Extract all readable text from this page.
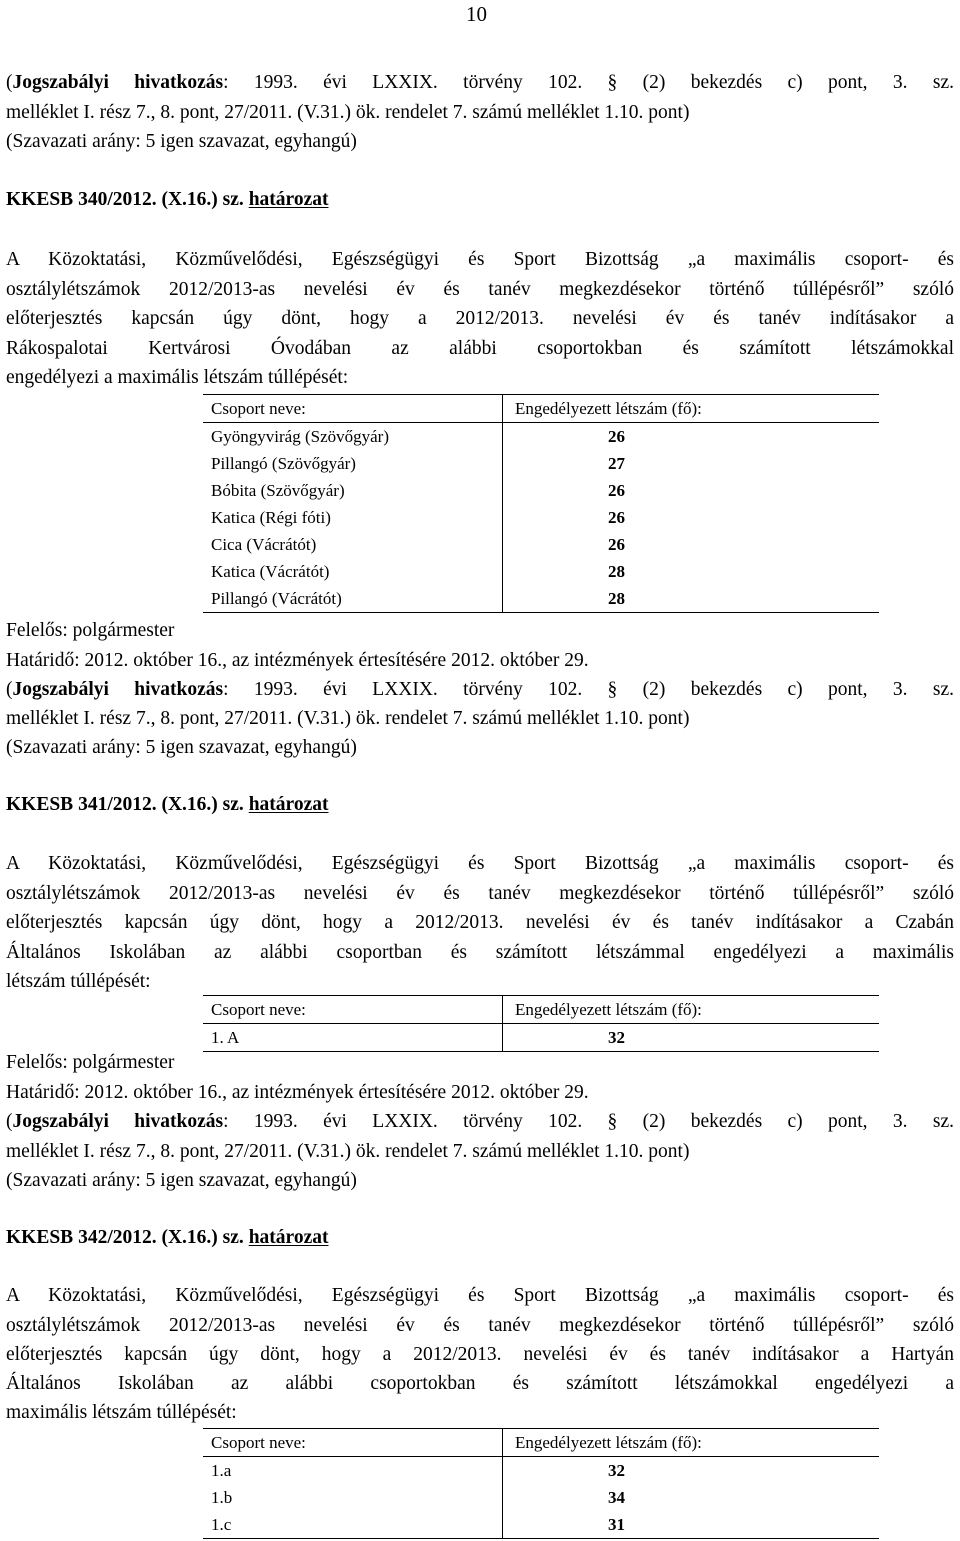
10
(Jogszabályi hivatkozás: 1993. évi LXXIX. törvény 102. § (2) bekezdés c) pont, 3. sz.
melléklet I. rész 7., 8. pont, 27/2011. (V.31.) ök. rendelet 7. számú melléklet 1.10. pont)
(Szavazati arány: 5 igen szavazat, egyhangú)
KKESB 340/2012. (X.16.) sz. határozat
A Közoktatási, Közművelődési, Egészségügyi és Sport Bizottság „a maximális csoport- és
osztálylétszámok 2012/2013-as nevelési év és tanév megkezdésekor történő túllépésről” szóló
előterjesztés kapcsán úgy dönt, hogy a 2012/2013. nevelési év és tanév indításakor a
Rákospalotai Kertvárosi Óvodában az alábbi csoportokban és számított létszámokkal
engedélyezi a maximális létszám túllépését:
Csoport neve:	Engedélyezett létszám (fő):
Gyöngyvirág (Szövőgyár)	26
Pillangó (Szövőgyár)	27
Bóbita (Szövőgyár)	26
Katica (Régi fóti)	26
Cica (Vácrátót)	26
Katica (Vácrátót)	28
Pillangó (Vácrátót)	28
Felelős: polgármester
Határidő: 2012. október 16., az intézmények értesítésére 2012. október 29.
(Jogszabályi hivatkozás: 1993. évi LXXIX. törvény 102. § (2) bekezdés c) pont, 3. sz.
melléklet I. rész 7., 8. pont, 27/2011. (V.31.) ök. rendelet 7. számú melléklet 1.10. pont)
(Szavazati arány: 5 igen szavazat, egyhangú)
KKESB 341/2012. (X.16.) sz. határozat
A Közoktatási, Közművelődési, Egészségügyi és Sport Bizottság „a maximális csoport- és
osztálylétszámok 2012/2013-as nevelési év és tanév megkezdésekor történő túllépésről” szóló
előterjesztés kapcsán úgy dönt, hogy a 2012/2013. nevelési év és tanév indításakor a Czabán
Általános Iskolában az alábbi csoportban és számított létszámmal engedélyezi a maximális
létszám túllépését:
Csoport neve:	Engedélyezett létszám (fő):
1. A	32
Felelős: polgármester
Határidő: 2012. október 16., az intézmények értesítésére 2012. október 29.
(Jogszabályi hivatkozás: 1993. évi LXXIX. törvény 102. § (2) bekezdés c) pont, 3. sz.
melléklet I. rész 7., 8. pont, 27/2011. (V.31.) ök. rendelet 7. számú melléklet 1.10. pont)
(Szavazati arány: 5 igen szavazat, egyhangú)
KKESB 342/2012. (X.16.) sz. határozat
A Közoktatási, Közművelődési, Egészségügyi és Sport Bizottság „a maximális csoport- és
osztálylétszámok 2012/2013-as nevelési év és tanév megkezdésekor történő túllépésről” szóló
előterjesztés kapcsán úgy dönt, hogy a 2012/2013. nevelési év és tanév indításakor a Hartyán
Általános Iskolában az alábbi csoportokban és számított létszámokkal engedélyezi a
maximális létszám túllépését:
Csoport neve:	Engedélyezett létszám (fő):
1.a	32
1.b	34
1.c	31
